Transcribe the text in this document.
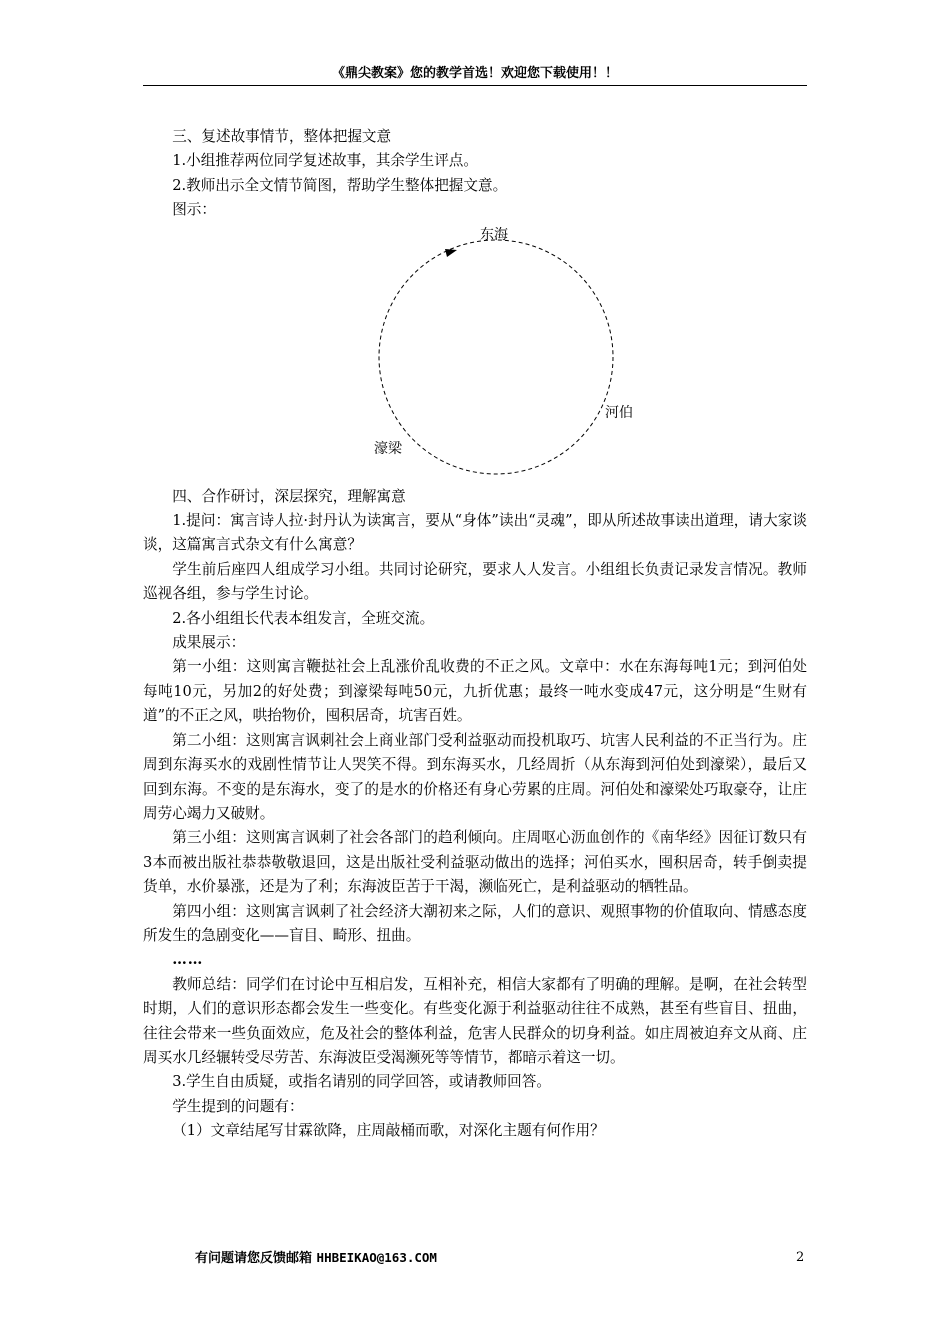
《鼎尖教案》您的教学首选！欢迎您下载使用！！

三、复述故事情节，整体把握文意

1.小组推荐两位同学复述故事，其余学生评点。

2.教师出示全文情节简图，帮助学生整体把握文意。

图示：

东海
河伯
濠梁

四、合作研讨，深层探究，理解寓意

1.提问：寓言诗人拉·封丹认为读寓言，要从“身体”读出“灵魂”，即从所述故事读出道理，请大家谈谈，这篇寓言式杂文有什么寓意？

学生前后座四人组成学习小组。共同讨论研究，要求人人发言。小组组长负责记录发言情况。教师巡视各组，参与学生讨论。

2.各小组组长代表本组发言，全班交流。

成果展示：

第一小组：这则寓言鞭挞社会上乱涨价乱收费的不正之风。文章中：水在东海每吨1元；到河伯处每吨10元，另加2的好处费；到濠梁每吨50元，九折优惠；最终一吨水变成47元，这分明是“生财有道”的不正之风，哄抬物价，囤积居奇，坑害百姓。

第二小组：这则寓言讽刺社会上商业部门受利益驱动而投机取巧、坑害人民利益的不正当行为。庄周到东海买水的戏剧性情节让人哭笑不得。到东海买水，几经周折（从东海到河伯处到濠梁），最后又回到东海。不变的是东海水，变了的是水的价格还有身心劳累的庄周。河伯处和濠梁处巧取豪夺，让庄周劳心竭力又破财。

第三小组：这则寓言讽刺了社会各部门的趋利倾向。庄周呕心沥血创作的《南华经》因征订数只有3本而被出版社恭恭敬敬退回，这是出版社受利益驱动做出的选择；河伯买水，囤积居奇，转手倒卖提货单，水价暴涨，还是为了利；东海波臣苦于干渴，濒临死亡，是利益驱动的牺牲品。

第四小组：这则寓言讽刺了社会经济大潮初来之际，人们的意识、观照事物的价值取向、情感态度所发生的急剧变化——盲目、畸形、扭曲。

……

教师总结：同学们在讨论中互相启发，互相补充，相信大家都有了明确的理解。是啊，在社会转型时期，人们的意识形态都会发生一些变化。有些变化源于利益驱动往往不成熟，甚至有些盲目、扭曲，往往会带来一些负面效应，危及社会的整体利益，危害人民群众的切身利益。如庄周被迫弃文从商、庄周买水几经辗转受尽劳苦、东海波臣受渴濒死等等情节，都暗示着这一切。

3.学生自由质疑，或指名请别的同学回答，或请教师回答。

学生提到的问题有：

（1）文章结尾写甘霖欲降，庄周敲桶而歌，对深化主题有何作用？

有问题请您反馈邮箱 HHBEIKAO@163.COM	2
